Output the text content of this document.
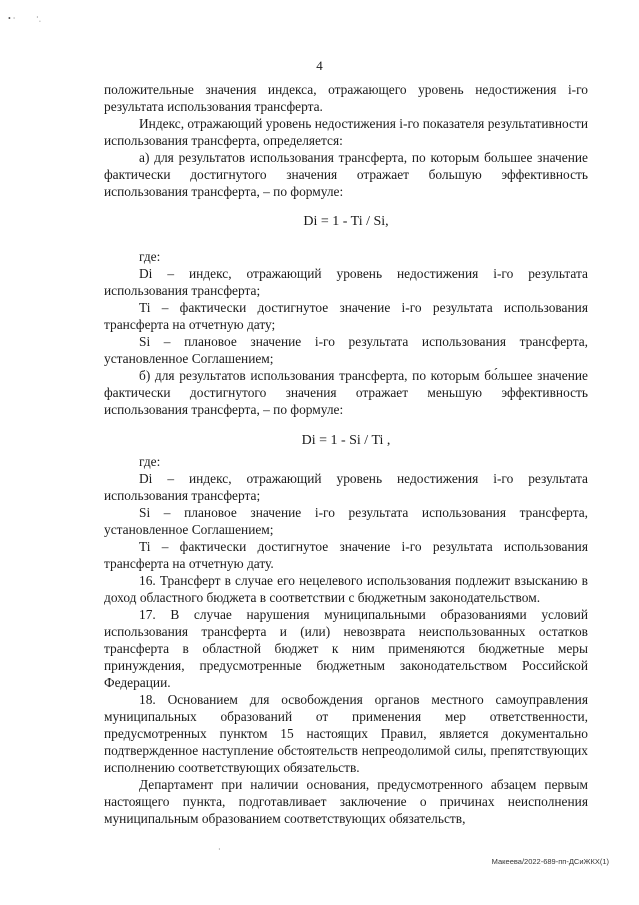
• ·	·ˌ
4

положительные значения индекса, отражающего уровень недостижения i-го результата использования трансферта.

Индекс, отражающий уровень недостижения i-го показателя результативности использования трансферта, определяется:

а) для результатов использования трансферта, по которым большее значение фактически достигнутого значения отражает большую эффективность использования трансферта, – по формуле:

Di = 1 - Ti / Si,

где:

Di – индекс, отражающий уровень недостижения i-го результата использования трансферта;

Ti – фактически достигнутое значение i-го результата использования трансферта на отчетную дату;

Si – плановое значение i-го результата использования трансферта, установленное Соглашением;

б) для результатов использования трансферта, по которым бо́льшее значение фактически достигнутого значения отражает меньшую эффективность использования трансферта, – по формуле:

Di = 1 - Si / Ti ,

где:

Di – индекс, отражающий уровень недостижения i-го результата использования трансферта;

Si – плановое значение i-го результата использования трансферта, установленное Соглашением;

Ti – фактически достигнутое значение i-го результата использования трансферта на отчетную дату.

16. Трансферт в случае его нецелевого использования подлежит взысканию в доход областного бюджета в соответствии с бюджетным законодательством.

17. В случае нарушения муниципальными образованиями условий использования трансферта и (или) невозврата неиспользованных остатков трансферта в областной бюджет к ним применяются бюджетные меры принуждения, предусмотренные бюджетным законодательством Российской Федерации.

18. Основанием для освобождения органов местного самоуправления муниципальных образований от применения мер ответственности, предусмотренных пунктом 15 настоящих Правил, является документально подтвержденное наступление обстоятельств непреодолимой силы, препятствующих исполнению соответствующих обязательств.

Департамент при наличии основания, предусмотренного абзацем первым настоящего пункта, подготавливает заключение о причинах неисполнения муниципальным образованием соответствующих обязательств,

·
Макеева/2022-689-пп-ДСиЖКХ(1)
